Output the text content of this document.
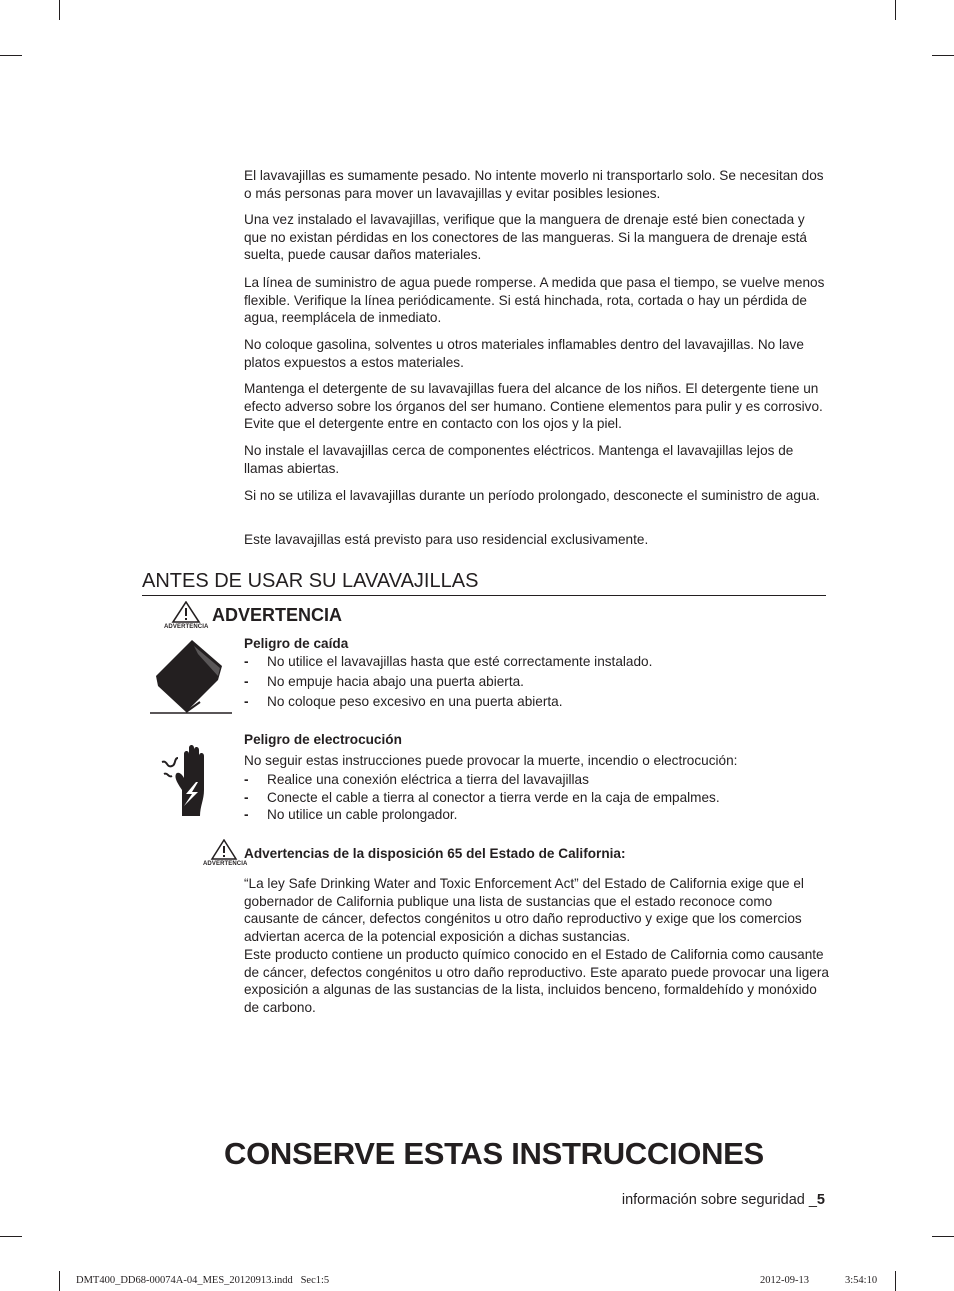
El lavavajillas es sumamente pesado. No intente moverlo ni transportarlo solo. Se necesitan dos o más personas para mover un lavavajillas y evitar posibles lesiones.

Una vez instalado el lavavajillas, verifique que la manguera de drenaje esté bien conectada y que no existan pérdidas en los conectores de las mangueras. Si la manguera de drenaje está suelta, puede causar daños materiales.

La línea de suministro de agua puede romperse. A medida que pasa el tiempo, se vuelve menos flexible. Verifique la línea periódicamente. Si está hinchada, rota, cortada o hay un pérdida de agua, reemplácela de inmediato.

No coloque gasolina, solventes u otros materiales inflamables dentro del lavavajillas. No lave platos expuestos a estos materiales.

Mantenga el detergente de su lavavajillas fuera del alcance de los niños. El detergente tiene un efecto adverso sobre los órganos del ser humano. Contiene elementos para pulir y es corrosivo. Evite que el detergente entre en contacto con los ojos y la piel.

No instale el lavavajillas cerca de componentes eléctricos. Mantenga el lavavajillas lejos de llamas abiertas.

Si no se utiliza el lavavajillas durante un período prolongado, desconecte el suministro de agua.

Este lavavajillas está previsto para uso residencial exclusivamente.

ANTES DE USAR SU LAVAVAJILLAS
ADVERTENCIA
ADVERTENCIA
Peligro de caída
- No utilice el lavavajillas hasta que esté correctamente instalado.
- No empuje hacia abajo una puerta abierta.
- No coloque peso excesivo en una puerta abierta.
Peligro de electrocución
No seguir estas instrucciones puede provocar la muerte, incendio o electrocución:
- Realice una conexión eléctrica a tierra del lavavajillas
- Conecte el cable a tierra al conector a tierra verde en la caja de empalmes.
- No utilice un cable prolongador.
ADVERTENCIA
Advertencias de la disposición 65 del Estado de California:

“La ley Safe Drinking Water and Toxic Enforcement Act” del Estado de California exige que el gobernador de California publique una lista de sustancias que el estado reconoce como causante de cáncer, defectos congénitos u otro daño reproductivo y exige que los comercios adviertan acerca de la potencial exposición a dichas sustancias.

Este producto contiene un producto químico conocido en el Estado de California como causante de cáncer, defectos congénitos u otro daño reproductivo. Este aparato puede provocar una ligera exposición a algunas de las sustancias de la lista, incluidos benceno, formaldehído y monóxido de carbono.

CONSERVE ESTAS INSTRUCCIONES
información sobre seguridad _5
DMT400_DD68-00074A-04_MES_20120913.indd   Sec1:5	2012-09-13	3:54:10
